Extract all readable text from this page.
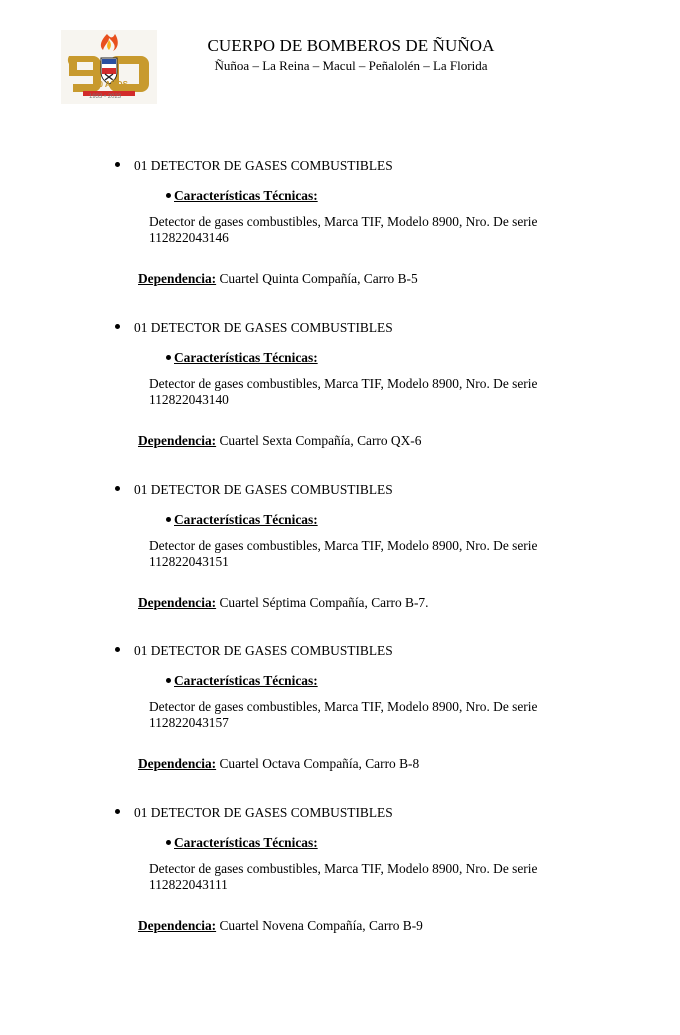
90 AÑOS
1933 • 2023
CUERPO DE BOMBEROS DE ÑUÑOA
Ñuñoa – La Reina – Macul – Peñalolén – La Florida
01 DETECTOR DE GASES COMBUSTIBLES
Características Técnicas:
Detector de gases combustibles, Marca TIF, Modelo 8900, Nro. De serie
112822043146
Dependencia: Cuartel Quinta Compañía, Carro B-5
01 DETECTOR DE GASES COMBUSTIBLES
Características Técnicas:
Detector de gases combustibles, Marca TIF, Modelo 8900, Nro. De serie
112822043140
Dependencia: Cuartel Sexta Compañía, Carro QX-6
01 DETECTOR DE GASES COMBUSTIBLES
Características Técnicas:
Detector de gases combustibles, Marca TIF, Modelo 8900, Nro. De serie
112822043151
Dependencia: Cuartel Séptima Compañía, Carro B-7.
01 DETECTOR DE GASES COMBUSTIBLES
Características Técnicas:
Detector de gases combustibles, Marca TIF, Modelo 8900, Nro. De serie
112822043157
Dependencia: Cuartel Octava Compañía, Carro B-8
01 DETECTOR DE GASES COMBUSTIBLES
Características Técnicas:
Detector de gases combustibles, Marca TIF, Modelo 8900, Nro. De serie
112822043111
Dependencia: Cuartel Novena Compañía, Carro B-9
